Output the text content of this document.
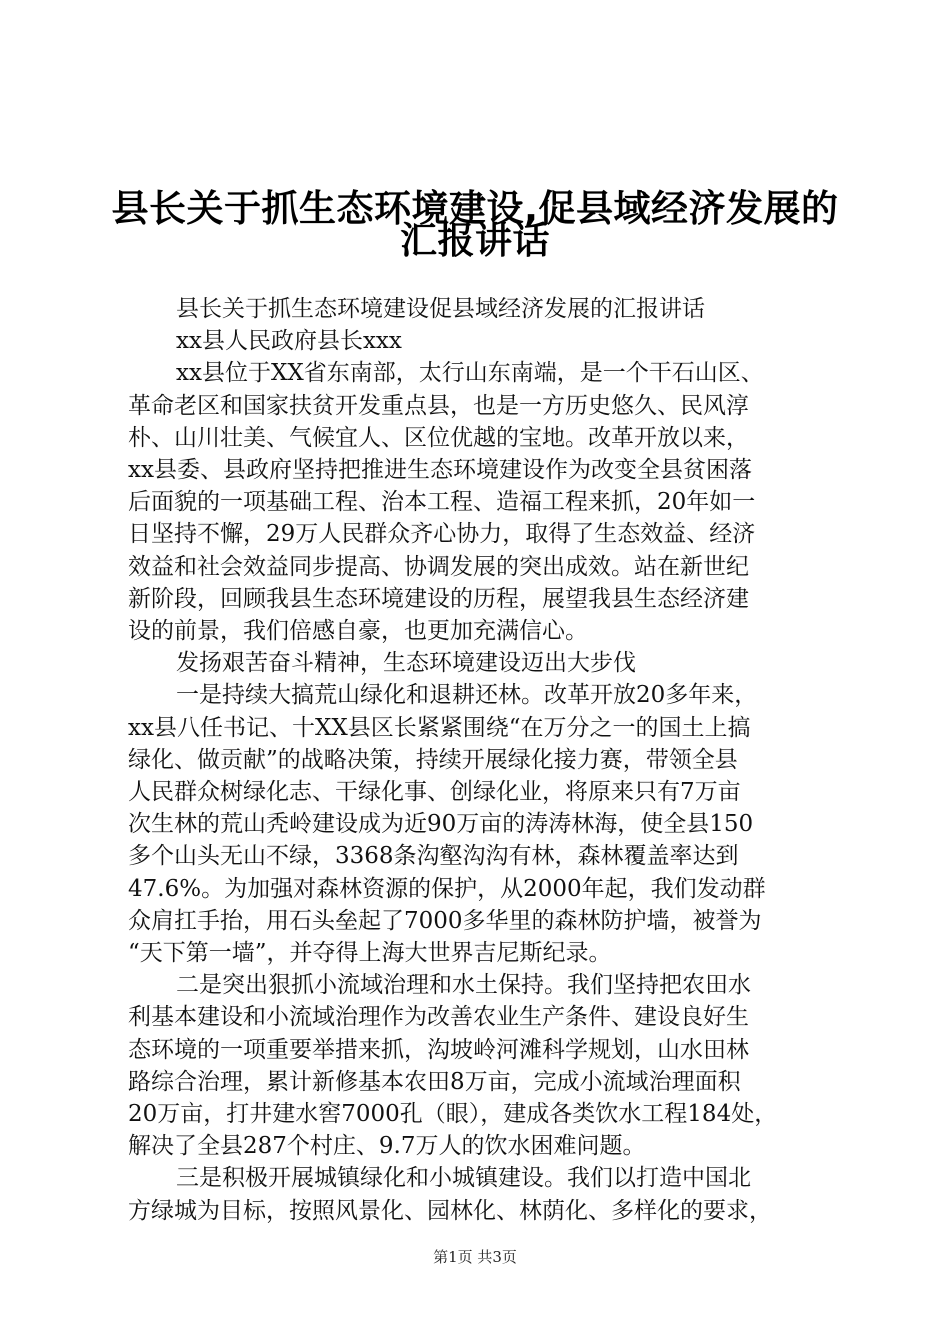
县长关于抓生态环境建设,促县域经济发展的
汇报讲话

县长关于抓生态环境建设促县域经济发展的汇报讲话

xx县人民政府县长xxx

xx县位于XX省东南部，太行山东南端，是一个干石山区、
革命老区和国家扶贫开发重点县，也是一方历史悠久、民风淳
朴、山川壮美、气候宜人、区位优越的宝地。改革开放以来，
xx县委、县政府坚持把推进生态环境建设作为改变全县贫困落
后面貌的一项基础工程、治本工程、造福工程来抓，20年如一
日坚持不懈，29万人民群众齐心协力，取得了生态效益、经济
效益和社会效益同步提高、协调发展的突出成效。站在新世纪
新阶段，回顾我县生态环境建设的历程，展望我县生态经济建
设的前景，我们倍感自豪，也更加充满信心。

发扬艰苦奋斗精神，生态环境建设迈出大步伐

一是持续大搞荒山绿化和退耕还林。改革开放20多年来，
xx县八任书记、十XX县区长紧紧围绕“在万分之一的国土上搞
绿化、做贡献”的战略决策，持续开展绿化接力赛，带领全县
人民群众树绿化志、干绿化事、创绿化业，将原来只有7万亩
次生林的荒山秃岭建设成为近90万亩的涛涛林海，使全县150
多个山头无山不绿，3368条沟壑沟沟有林，森林覆盖率达到
47.6%。为加强对森林资源的保护，从2000年起，我们发动群
众肩扛手抬，用石头垒起了7000多华里的森林防护墙，被誉为
“天下第一墙”，并夺得上海大世界吉尼斯纪录。

二是突出狠抓小流域治理和水土保持。我们坚持把农田水
利基本建设和小流域治理作为改善农业生产条件、建设良好生
态环境的一项重要举措来抓，沟坡岭河滩科学规划，山水田林
路综合治理，累计新修基本农田8万亩，完成小流域治理面积
20万亩，打井建水窖7000孔（眼），建成各类饮水工程184处，
解决了全县287个村庄、9.7万人的饮水困难问题。

三是积极开展城镇绿化和小城镇建设。我们以打造中国北
方绿城为目标，按照风景化、园林化、林荫化、多样化的要求，

第1页 共3页
